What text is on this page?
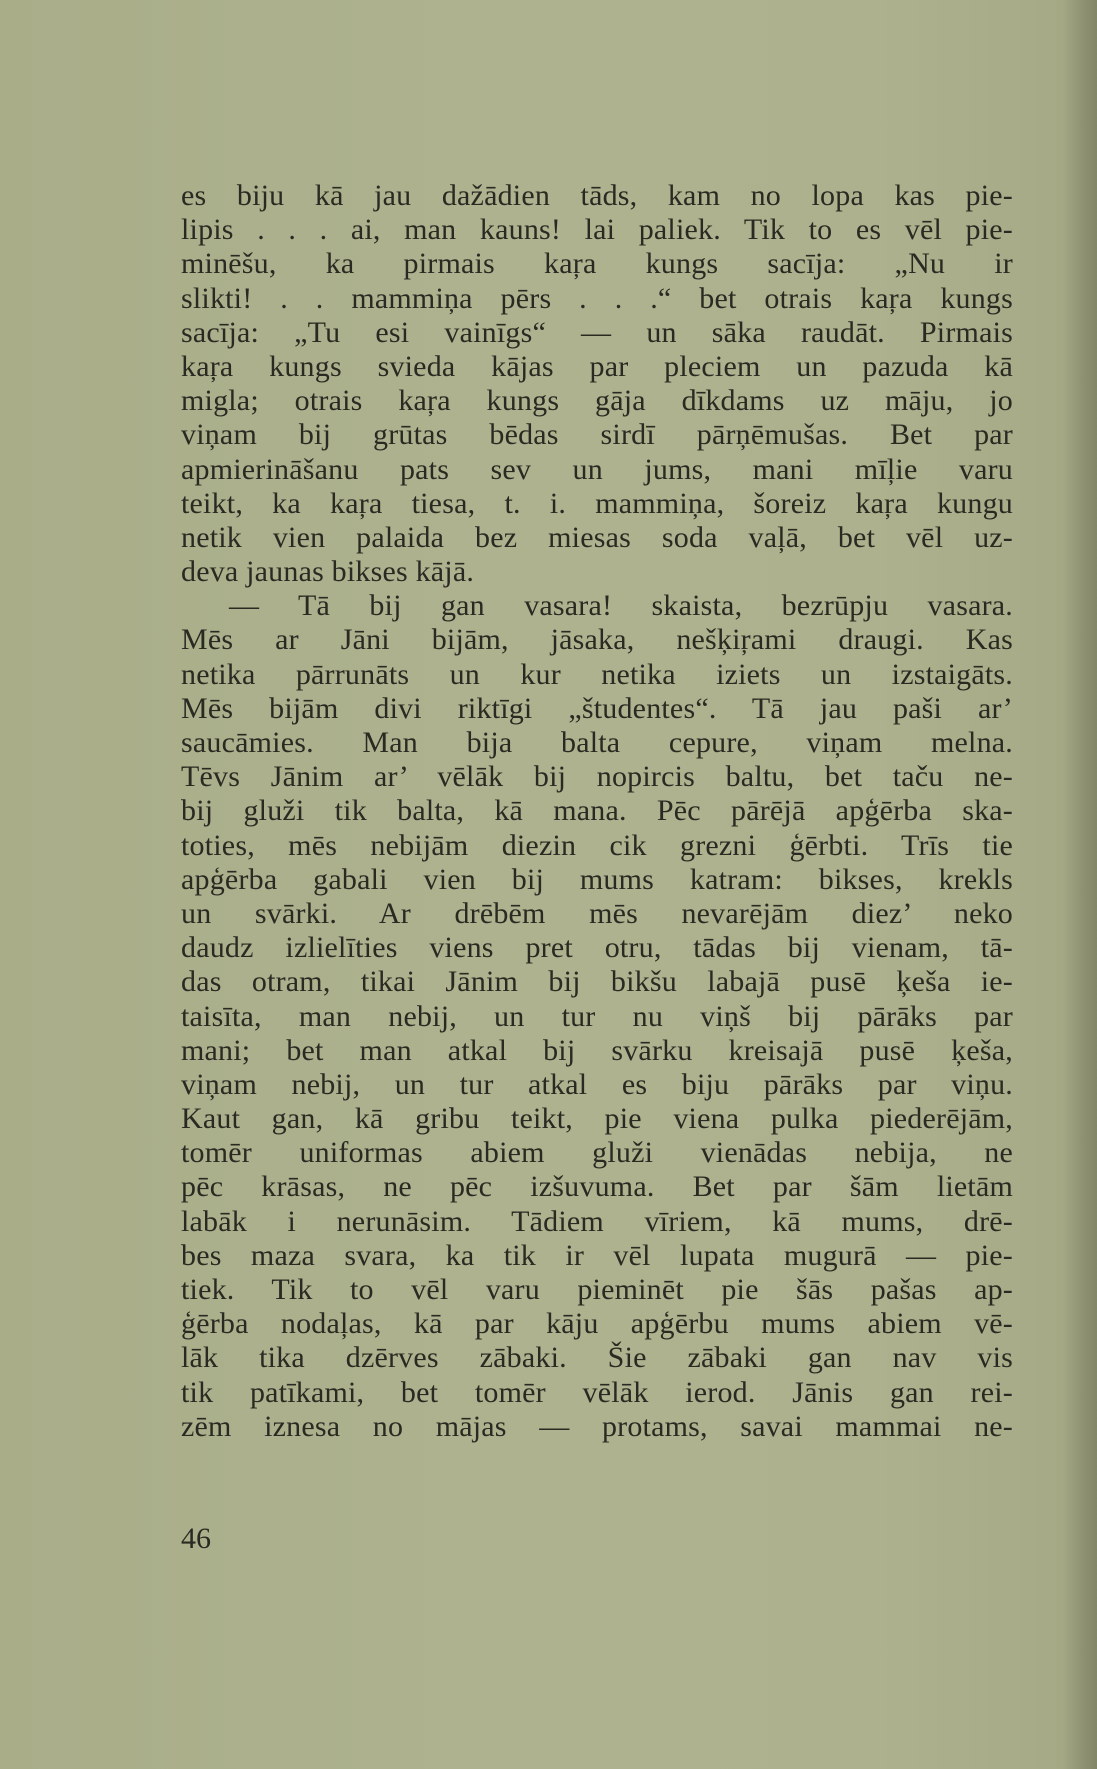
es biju kā jau dažādien tāds, kam no lopa kas pie-
lipis . . . ai, man kauns! lai paliek. Tik to es vēl pie-
minēšu, ka pirmais kaŗa kungs sacīja: „Nu ir
slikti! . . mammiņa pērs . . .“ bet otrais kaŗa kungs
sacīja: „Tu esi vainīgs“ — un sāka raudāt. Pirmais
kaŗa kungs svieda kājas par pleciem un pazuda kā
migla; otrais kaŗa kungs gāja dīkdams uz māju, jo
viņam bij grūtas bēdas sirdī pārņēmušas. Bet par
apmierināšanu pats sev un jums, mani mīļie varu
teikt, ka kaŗa tiesa, t. i. mammiņa, šoreiz kaŗa kungu
netik vien palaida bez miesas soda vaļā, bet vēl uz-
deva jaunas bikses kājā.
— Tā bij gan vasara! skaista, bezrūpju vasara.
Mēs ar Jāni bijām, jāsaka, nešķiŗami draugi. Kas
netika pārrunāts un kur netika iziets un izstaigāts.
Mēs bijām divi riktīgi „študentes“. Tā jau paši ar’
saucāmies. Man bija balta cepure, viņam melna.
Tēvs Jānim ar’ vēlāk bij nopircis baltu, bet taču ne-
bij gluži tik balta, kā mana. Pēc pārējā apģērba ska-
toties, mēs nebijām diezin cik grezni ģērbti. Trīs tie
apģērba gabali vien bij mums katram: bikses, krekls
un svārki. Ar drēbēm mēs nevarējām diez’ neko
daudz izlielīties viens pret otru, tādas bij vienam, tā-
das otram, tikai Jānim bij bikšu labajā pusē ķeša ie-
taisīta, man nebij, un tur nu viņš bij pārāks par
mani; bet man atkal bij svārku kreisajā pusē ķeša,
viņam nebij, un tur atkal es biju pārāks par viņu.
Kaut gan, kā gribu teikt, pie viena pulka piederējām,
tomēr uniformas abiem gluži vienādas nebija, ne
pēc krāsas, ne pēc izšuvuma. Bet par šām lietām
labāk i nerunāsim. Tādiem vīriem, kā mums, drē-
bes maza svara, ka tik ir vēl lupata mugurā — pie-
tiek. Tik to vēl varu pieminēt pie šās pašas ap-
ģērba nodaļas, kā par kāju apģērbu mums abiem vē-
lāk tika dzērves zābaki. Šie zābaki gan nav vis
tik patīkami, bet tomēr vēlāk ierod. Jānis gan rei-
zēm iznesa no mājas — protams, savai mammai ne-
46
